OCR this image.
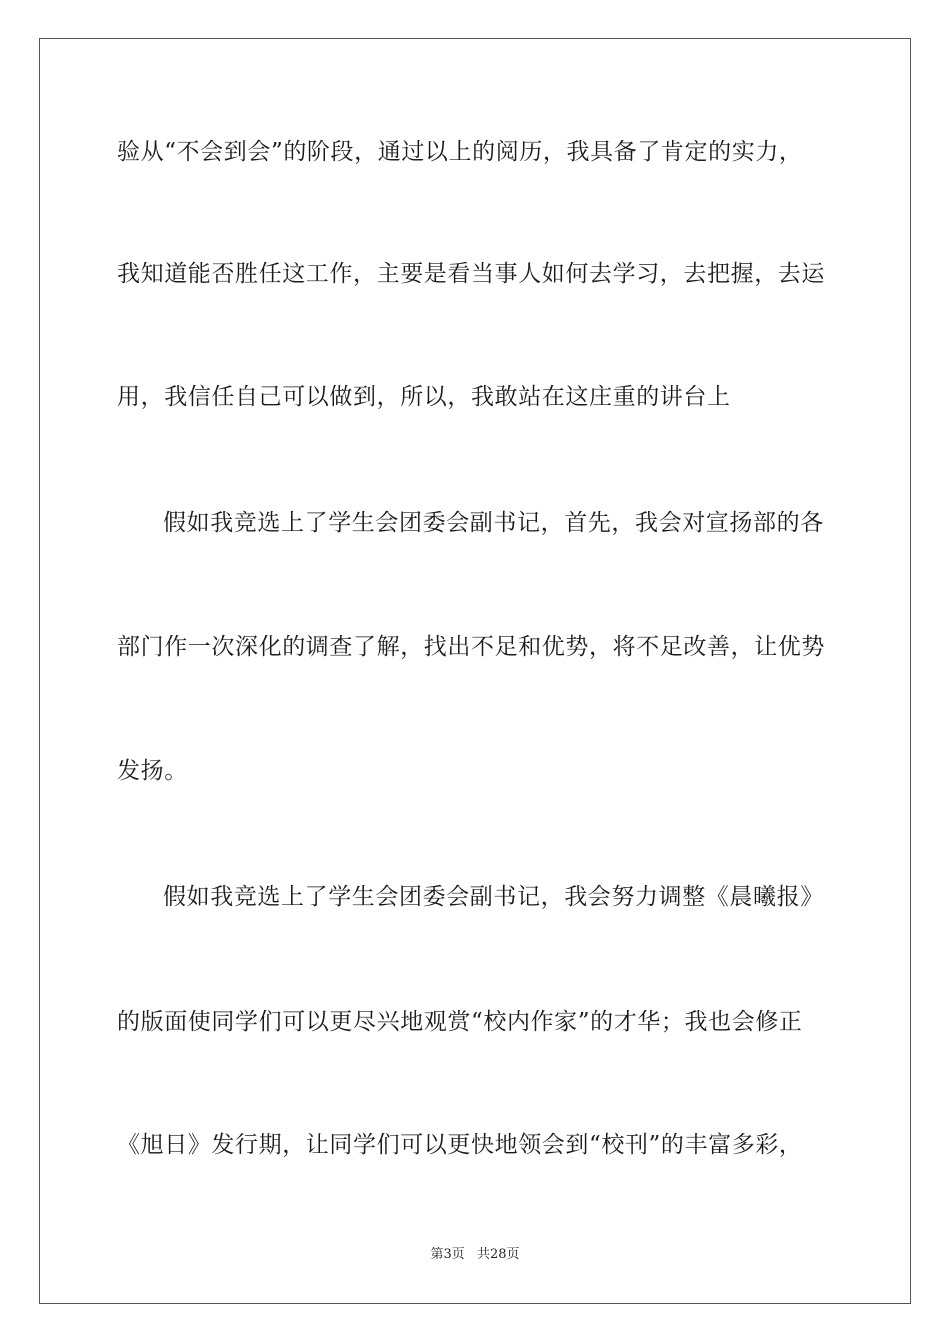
验从“不会到会”的阶段，通过以上的阅历，我具备了肯定的实力，
我知道能否胜任这工作，主要是看当事人如何去学习，去把握，去运
用，我信任自己可以做到，所以，我敢站在这庄重的讲台上
假如我竞选上了学生会团委会副书记，首先，我会对宣扬部的各
部门作一次深化的调查了解，找出不足和优势，将不足改善，让优势
发扬。
假如我竞选上了学生会团委会副书记，我会努力调整《晨曦报》
的版面使同学们可以更尽兴地观赏“校内作家”的才华；我也会修正
《旭日》发行期，让同学们可以更快地领会到“校刊”的丰富多彩，
第3页 共28页
